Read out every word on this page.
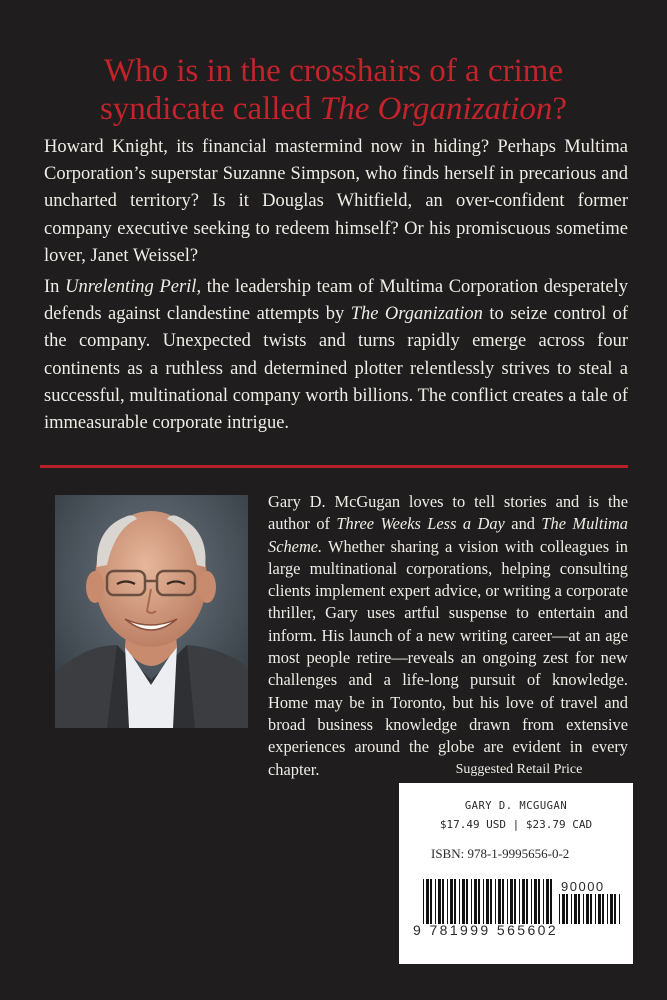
Who is in the crosshairs of a crime
syndicate called The Organization?
Howard Knight, its financial mastermind now in hiding? Perhaps Multima Corporation’s superstar Suzanne Simpson, who finds herself in precarious and uncharted territory? Is it Douglas Whitfield, an over-confident former company executive seeking to redeem himself? Or his promiscuous sometime lover, Janet Weissel?
In Unrelenting Peril, the leadership team of Multima Corporation desperately defends against clandestine attempts by The Organization to seize control of the company. Unexpected twists and turns rapidly emerge across four continents as a ruthless and determined plotter relentlessly strives to steal a successful, multinational company worth billions. The conflict creates a tale of immeasurable corporate intrigue.
Gary D. McGugan loves to tell stories and is the author of Three Weeks Less a Day and The Multima Scheme. Whether sharing a vision with colleagues in large multinational corporations, helping consulting clients implement expert advice, or writing a corporate thriller, Gary uses artful suspense to entertain and inform. His launch of a new writing career—at an age most people retire—reveals an ongoing zest for new challenges and a life-long pursuit of knowledge. Home may be in Toronto, but his love of travel and broad business knowledge drawn from extensive experiences around the globe are evident in every chapter.	Suggested Retail Price
GARY D. MCGUGAN
$17.49 USD | $23.79 CAD
ISBN: 978-1-9995656-0-2
90000
9 781999 565602
